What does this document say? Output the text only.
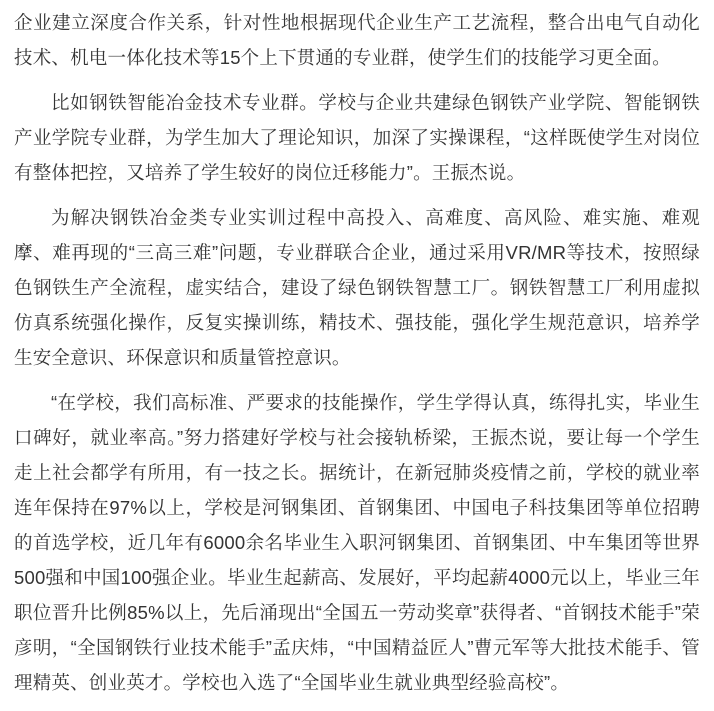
企业建立深度合作关系，针对性地根据现代企业生产工艺流程，整合出电气自动化技术、机电一体化技术等15个上下贯通的专业群，使学生们的技能学习更全面。

比如钢铁智能冶金技术专业群。学校与企业共建绿色钢铁产业学院、智能钢铁产业学院专业群，为学生加大了理论知识，加深了实操课程，“这样既使学生对岗位有整体把控，又培养了学生较好的岗位迁移能力”。王振杰说。

为解决钢铁冶金类专业实训过程中高投入、高难度、高风险、难实施、难观摩、难再现的“三高三难”问题，专业群联合企业，通过采用VR/MR等技术，按照绿色钢铁生产全流程，虚实结合，建设了绿色钢铁智慧工厂。钢铁智慧工厂利用虚拟仿真系统强化操作，反复实操训练，精技术、强技能，强化学生规范意识，培养学生安全意识、环保意识和质量管控意识。

“在学校，我们高标准、严要求的技能操作，学生学得认真，练得扎实，毕业生口碑好，就业率高。”努力搭建好学校与社会接轨桥梁，王振杰说，要让每一个学生走上社会都学有所用，有一技之长。据统计，在新冠肺炎疫情之前，学校的就业率连年保持在97%以上，学校是河钢集团、首钢集团、中国电子科技集团等单位招聘的首选学校，近几年有6000余名毕业生入职河钢集团、首钢集团、中车集团等世界500强和中国100强企业。毕业生起薪高、发展好，平均起薪4000元以上，毕业三年职位晋升比例85%以上，先后涌现出“全国五一劳动奖章”获得者、“首钢技术能手”荣彦明，“全国钢铁行业技术能手”孟庆炜，“中国精益匠人”曹元军等大批技术能手、管理精英、创业英才。学校也入选了“全国毕业生就业典型经验高校”。
